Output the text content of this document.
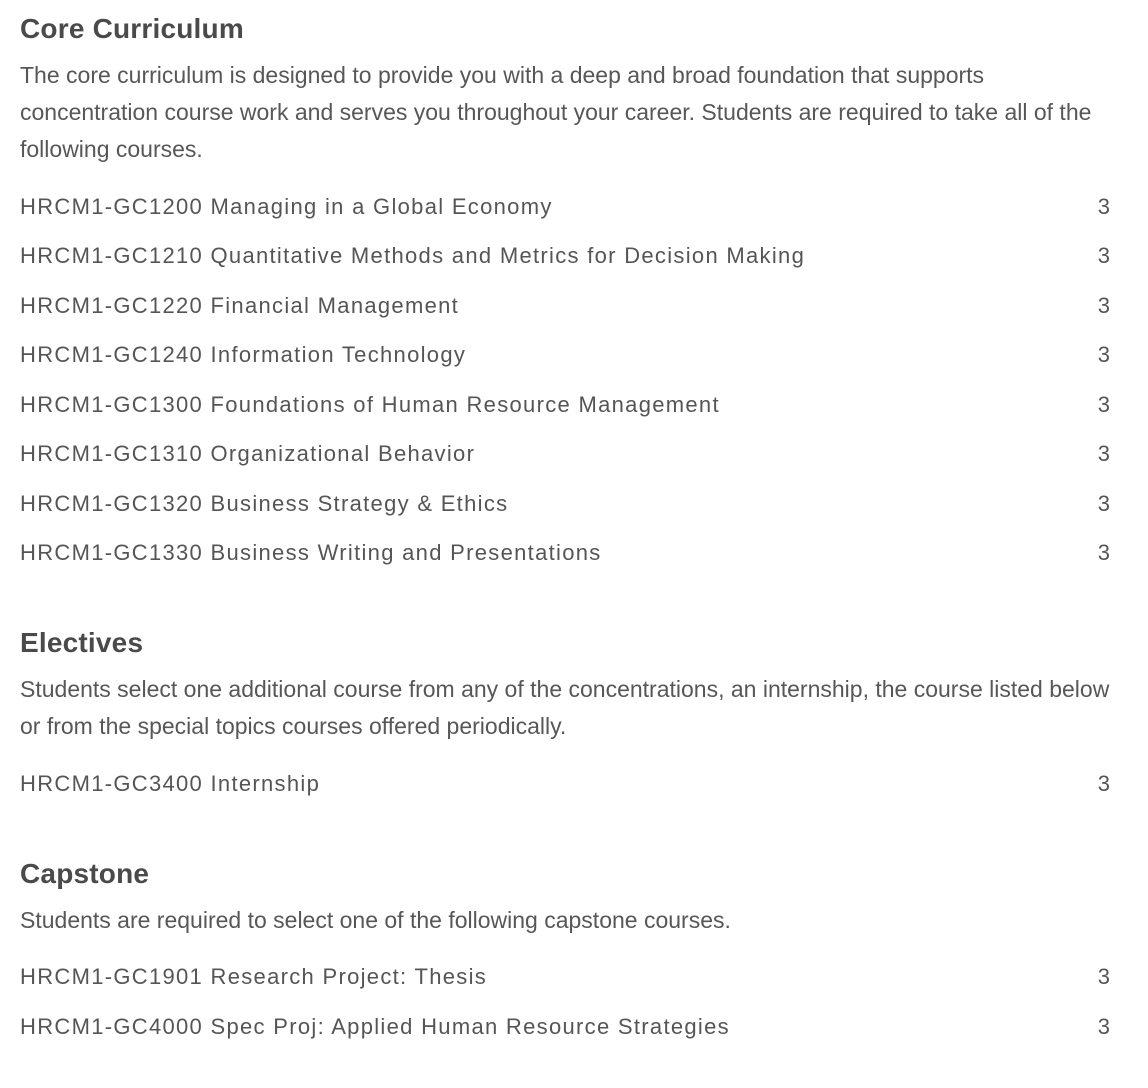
Core Curriculum

The core curriculum is designed to provide you with a deep and broad foundation that supports concentration course work and serves you throughout your career. Students are required to take all of the following courses.

HRCM1-GC1200 Managing in a Global Economy	3
HRCM1-GC1210 Quantitative Methods and Metrics for Decision Making	3
HRCM1-GC1220 Financial Management	3
HRCM1-GC1240 Information Technology	3
HRCM1-GC1300 Foundations of Human Resource Management	3
HRCM1-GC1310 Organizational Behavior	3
HRCM1-GC1320 Business Strategy & Ethics	3
HRCM1-GC1330 Business Writing and Presentations	3
Electives

Students select one additional course from any of the concentrations, an internship, the course listed below or from the special topics courses offered periodically.

HRCM1-GC3400 Internship	3
Capstone

Students are required to select one of the following capstone courses.

HRCM1-GC1901 Research Project: Thesis	3
HRCM1-GC4000 Spec Proj: Applied Human Resource Strategies	3
